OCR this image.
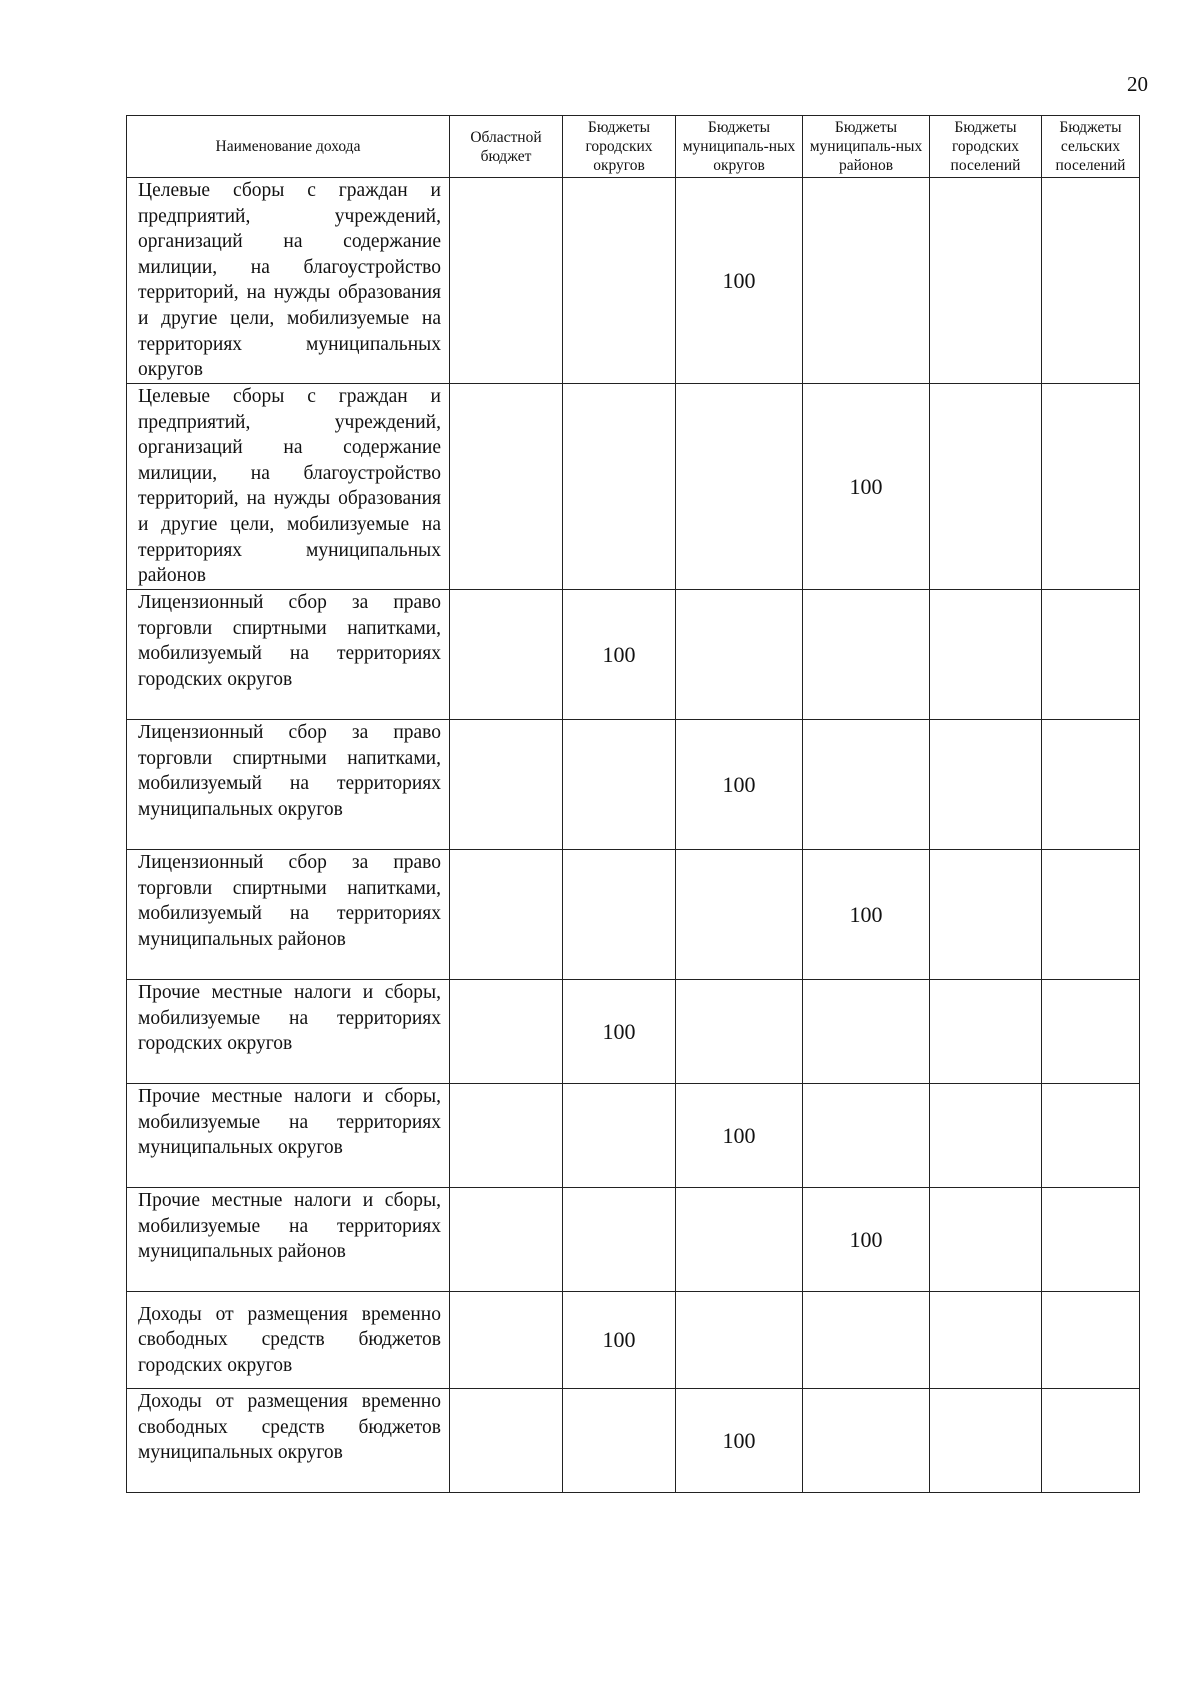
20
Наименование дохода	Областной бюджет	Бюджеты городских округов	Бюджеты муниципаль-ных округов	Бюджеты муниципаль-ных районов	Бюджеты городских поселений	Бюджеты сельских поселений
Целевые сборы с граждан и предприятий, учреждений, организаций на содержание милиции, на благоустройство территорий, на нужды образования и другие цели, мобилизуемые на территориях муниципальных округов			100			
Целевые сборы с граждан и предприятий, учреждений, организаций на содержание милиции, на благоустройство территорий, на нужды образования и другие цели, мобилизуемые на территориях муниципальных районов				100		
Лицензионный сбор за право торговли спиртными напитками, мобилизуемый на территориях городских округов		100				
Лицензионный сбор за право торговли спиртными напитками, мобилизуемый на территориях муниципальных округов			100			
Лицензионный сбор за право торговли спиртными напитками, мобилизуемый на территориях муниципальных районов				100		
Прочие местные налоги и сборы, мобилизуемые на территориях городских округов		100				
Прочие местные налоги и сборы, мобилизуемые на территориях муниципальных округов			100			
Прочие местные налоги и сборы, мобилизуемые на территориях муниципальных районов				100		
Доходы от размещения временно свободных средств бюджетов городских округов		100				
Доходы от размещения временно свободных средств бюджетов муниципальных округов			100			
